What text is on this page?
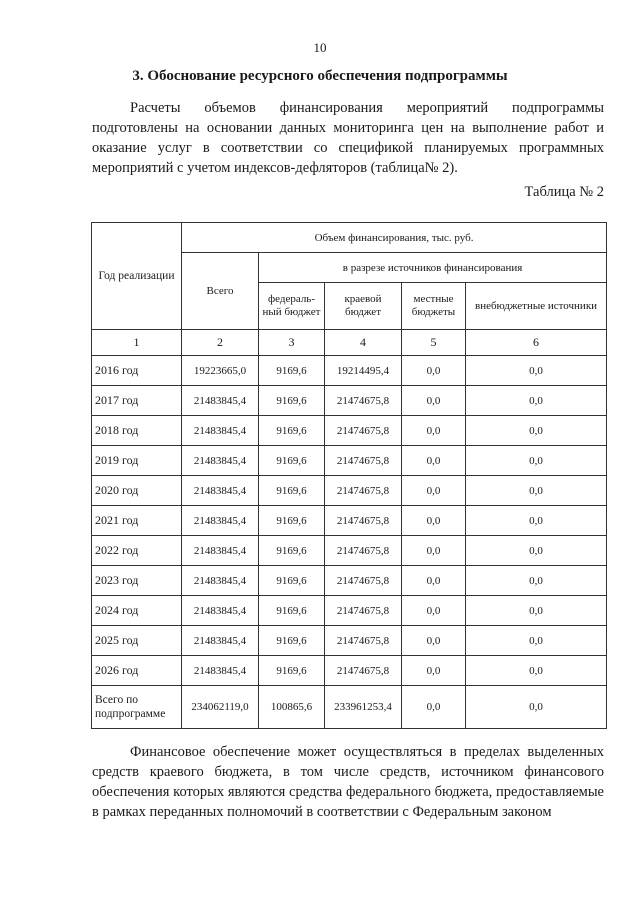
10
3. Обоснование ресурсного обеспечения подпрограммы

Расчеты объемов финансирования мероприятий подпрограммы подготовлены на основании данных мониторинга цен на выполнение работ и оказание услуг в соответствии со спецификой планируемых программных мероприятий с учетом индексов-дефляторов (таблица№ 2).

Таблица № 2
Год реализации	Объем финансирования, тыс. руб.				
	Всего	в разрезе источников финансирования			
		федераль-ный бюджет	краевой бюджет	местные бюджеты	внебюджетные источники
1	2	3	4	5	6
2016 год	19223665,0	9169,6	19214495,4	0,0	0,0
2017 год	21483845,4	9169,6	21474675,8	0,0	0,0
2018 год	21483845,4	9169,6	21474675,8	0,0	0,0
2019 год	21483845,4	9169,6	21474675,8	0,0	0,0
2020 год	21483845,4	9169,6	21474675,8	0,0	0,0
2021 год	21483845,4	9169,6	21474675,8	0,0	0,0
2022 год	21483845,4	9169,6	21474675,8	0,0	0,0
2023 год	21483845,4	9169,6	21474675,8	0,0	0,0
2024 год	21483845,4	9169,6	21474675,8	0,0	0,0
2025 год	21483845,4	9169,6	21474675,8	0,0	0,0
2026 год	21483845,4	9169,6	21474675,8	0,0	0,0
Всего по подпрограмме	234062119,0	100865,6	233961253,4	0,0	0,0

Финансовое обеспечение может осуществляться в пределах выделенных средств краевого бюджета, в том числе средств, источником финансового обеспечения которых являются средства федерального бюджета, предоставляемые в рамках переданных полномочий в соответствии с Федеральным законом
